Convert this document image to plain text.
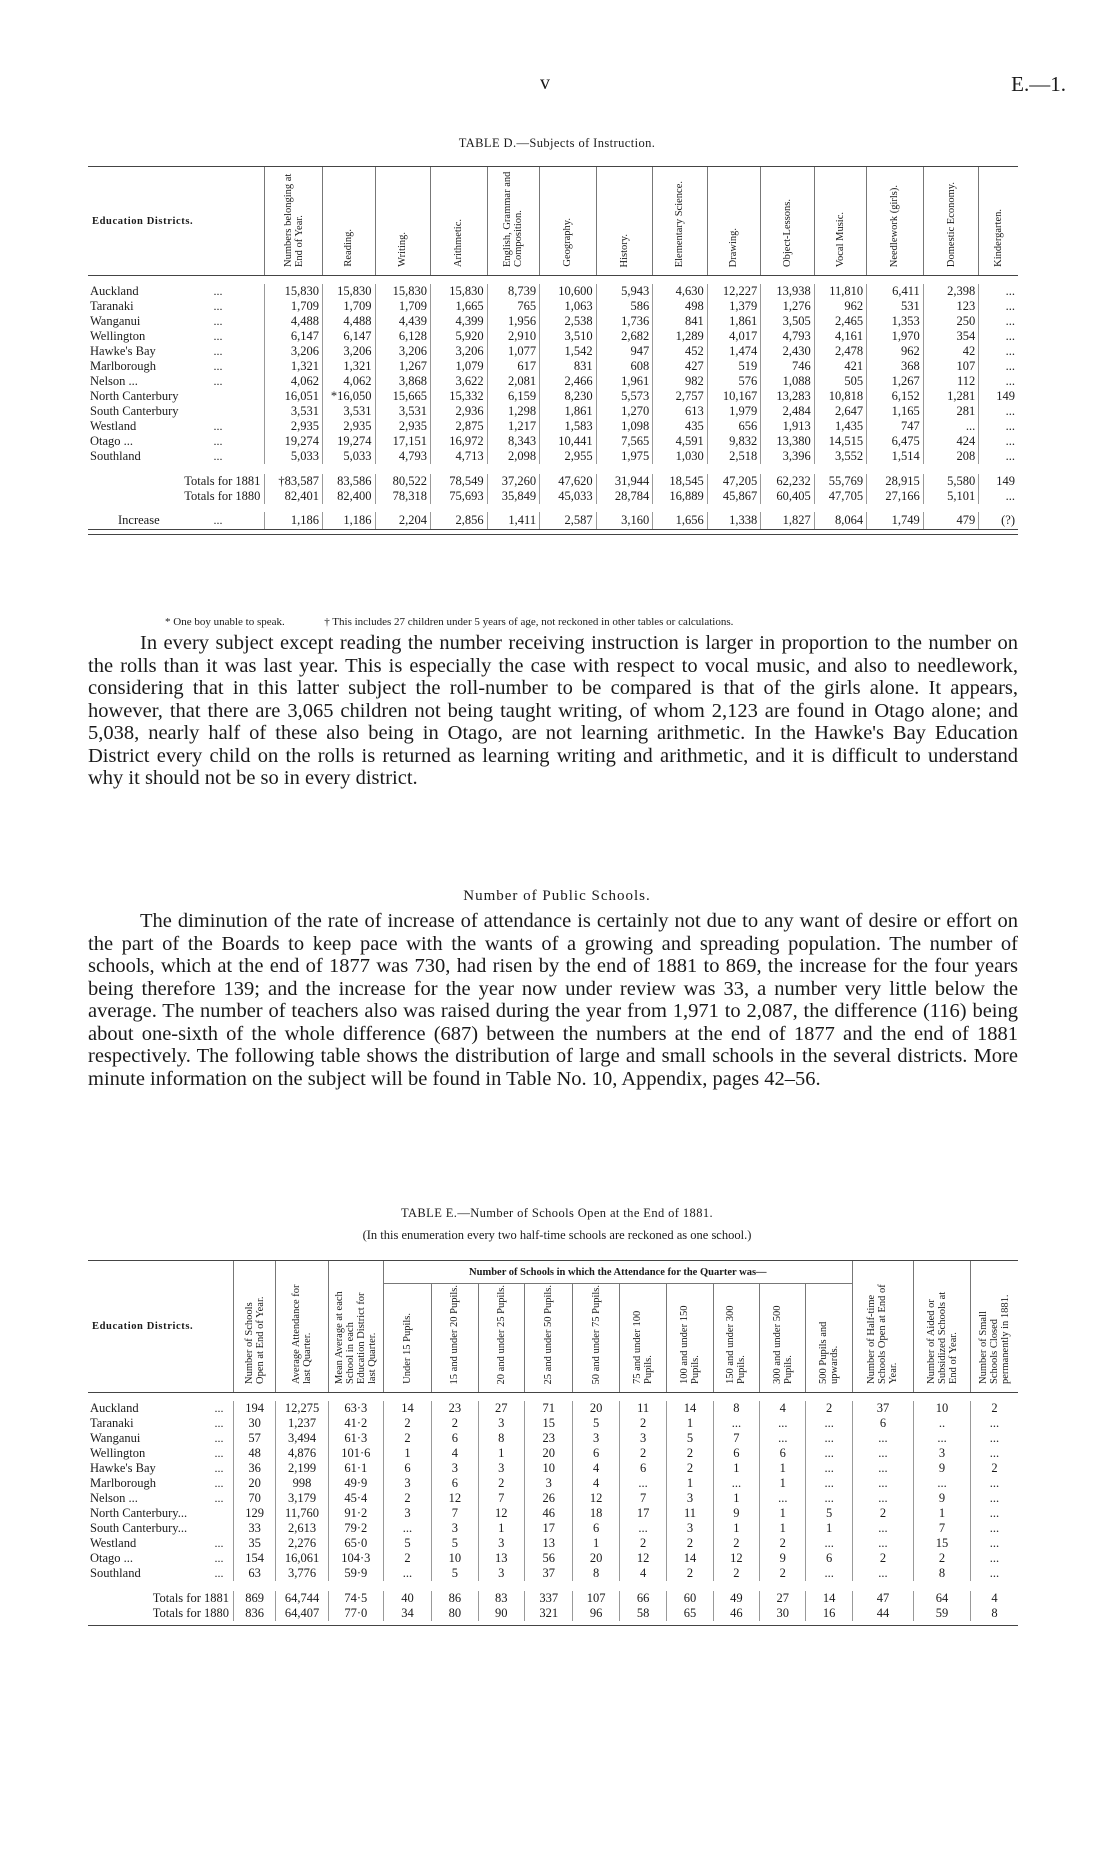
v	E.—1.
TABLE D.—Subjects of Instruction.
Education Districts.		Numbers belonging at End of Year.	Reading.	Writing.	Arithmetic.	English, Grammar and Composition.	Geography.	History.	Elementary Science.	Drawing.	Object-Lessons.	Vocal Music.	Needlework (girls).	Domestic Economy.	Kindergarten.

Auckland	...	15,830	15,830	15,830	15,830	8,739	10,600	5,943	4,630	12,227	13,938	11,810	6,411	2,398	...
Taranaki	...	1,709	1,709	1,709	1,665	765	1,063	586	498	1,379	1,276	962	531	123	...
Wanganui	...	4,488	4,488	4,439	4,399	1,956	2,538	1,736	841	1,861	3,505	2,465	1,353	250	...
Wellington	...	6,147	6,147	6,128	5,920	2,910	3,510	2,682	1,289	4,017	4,793	4,161	1,970	354	...
Hawke's Bay	...	3,206	3,206	3,206	3,206	1,077	1,542	947	452	1,474	2,430	2,478	962	42	...
Marlborough	...	1,321	1,321	1,267	1,079	617	831	608	427	519	746	421	368	107	...
Nelson ...	...	4,062	4,062	3,868	3,622	2,081	2,466	1,961	982	576	1,088	505	1,267	112	...
North Canterbury		16,051	*16,050	15,665	15,332	6,159	8,230	5,573	2,757	10,167	13,283	10,818	6,152	1,281	149
South Canterbury		3,531	3,531	3,531	2,936	1,298	1,861	1,270	613	1,979	2,484	2,647	1,165	281	...
Westland	...	2,935	2,935	2,935	2,875	1,217	1,583	1,098	435	656	1,913	1,435	747	...	...
Otago ...	...	19,274	19,274	17,151	16,972	8,343	10,441	7,565	4,591	9,832	13,380	14,515	6,475	424	...
Southland	...	5,033	5,033	4,793	4,713	2,098	2,955	1,975	1,030	2,518	3,396	3,552	1,514	208	...

Totals for 1881		†83,587	83,586	80,522	78,549	37,260	47,620	31,944	18,545	47,205	62,232	55,769	28,915	5,580	149
Totals for 1880		82,401	82,400	78,318	75,693	35,849	45,033	28,784	16,889	45,867	60,405	47,705	27,166	5,101	...

Increase	...	1,186	1,186	2,204	2,856	1,411	2,587	3,160	1,656	1,338	1,827	8,064	1,749	479	(?)

* One boy unable to speak.	† This includes 27 children under 5 years of age, not reckoned in other tables or calculations.

In every subject except reading the number receiving instruction is larger in proportion to the number on the rolls than it was last year. This is especially the case with respect to vocal music, and also to needlework, considering that in this latter subject the roll-number to be compared is that of the girls alone. It appears, however, that there are 3,065 children not being taught writing, of whom 2,123 are found in Otago alone; and 5,038, nearly half of these also being in Otago, are not learning arithmetic. In the Hawke's Bay Education District every child on the rolls is returned as learning writing and arithmetic, and it is difficult to understand why it should not be so in every district.

Number of Public Schools.

The diminution of the rate of increase of attendance is certainly not due to any want of desire or effort on the part of the Boards to keep pace with the wants of a growing and spreading population. The number of schools, which at the end of 1877 was 730, had risen by the end of 1881 to 869, the increase for the four years being therefore 139; and the increase for the year now under review was 33, a number very little below the average. The number of teachers also was raised during the year from 1,971 to 2,087, the difference (116) being about one-sixth of the whole difference (687) between the numbers at the end of 1877 and the end of 1881 respectively. The following table shows the distribution of large and small schools in the several districts. More minute information on the subject will be found in Table No. 10, Appendix, pages 42–56.

TABLE E.—Number of Schools Open at the End of 1881.
(In this enumeration every two half-time schools are reckoned as one school.)
Education Districts.		Number of Schools Open at End of Year.	Average Attendance for last Quarter.	Mean Average at each School in each Education District for last Quarter.	Number of Schools in which the Attendance for the Quarter was—										Number of Half-time Schools Open at End of Year.	Number of Aided or Subsidized Schools at End of Year.	Number of Small Schools Closed permanently in 1881.
					Under 15 Pupils.	15 and under 20 Pupils.	20 and under 25 Pupils.	25 and under 50 Pupils.	50 and under 75 Pupils.	75 and under 100 Pupils.	100 and under 150 Pupils.	150 and under 300 Pupils.	300 and under 500 Pupils.	500 Pupils and upwards.			

Auckland	...	194	12,275	63·3	14	23	27	71	20	11	14	8	4	2	37	10	2
Taranaki	...	30	1,237	41·2	2	2	3	15	5	2	1	...	...	...	6	..	...
Wanganui	...	57	3,494	61·3	2	6	8	23	3	3	5	7	...	...	...	...	...
Wellington	...	48	4,876	101·6	1	4	1	20	6	2	2	6	6	...	...	3	...
Hawke's Bay	...	36	2,199	61·1	6	3	3	10	4	6	2	1	1	...	...	9	2
Marlborough	...	20	998	49·9	3	6	2	3	4	...	1	...	1	...	...	...	...
Nelson ...	...	70	3,179	45·4	2	12	7	26	12	7	3	1	...	...	...	9	...
North Canterbury...		129	11,760	91·2	3	7	12	46	18	17	11	9	1	5	2	1	...
South Canterbury...		33	2,613	79·2	...	3	1	17	6	...	3	1	1	1	...	7	...
Westland	...	35	2,276	65·0	5	5	3	13	1	2	2	2	2	...	...	15	...
Otago ...	...	154	16,061	104·3	2	10	13	56	20	12	14	12	9	6	2	2	...
Southland	...	63	3,776	59·9	...	5	3	37	8	4	2	2	2	...	...	8	...

Totals for 1881		869	64,744	74·5	40	86	83	337	107	66	60	49	27	14	47	64	4
Totals for 1880		836	64,407	77·0	34	80	90	321	96	58	65	46	30	16	44	59	8
